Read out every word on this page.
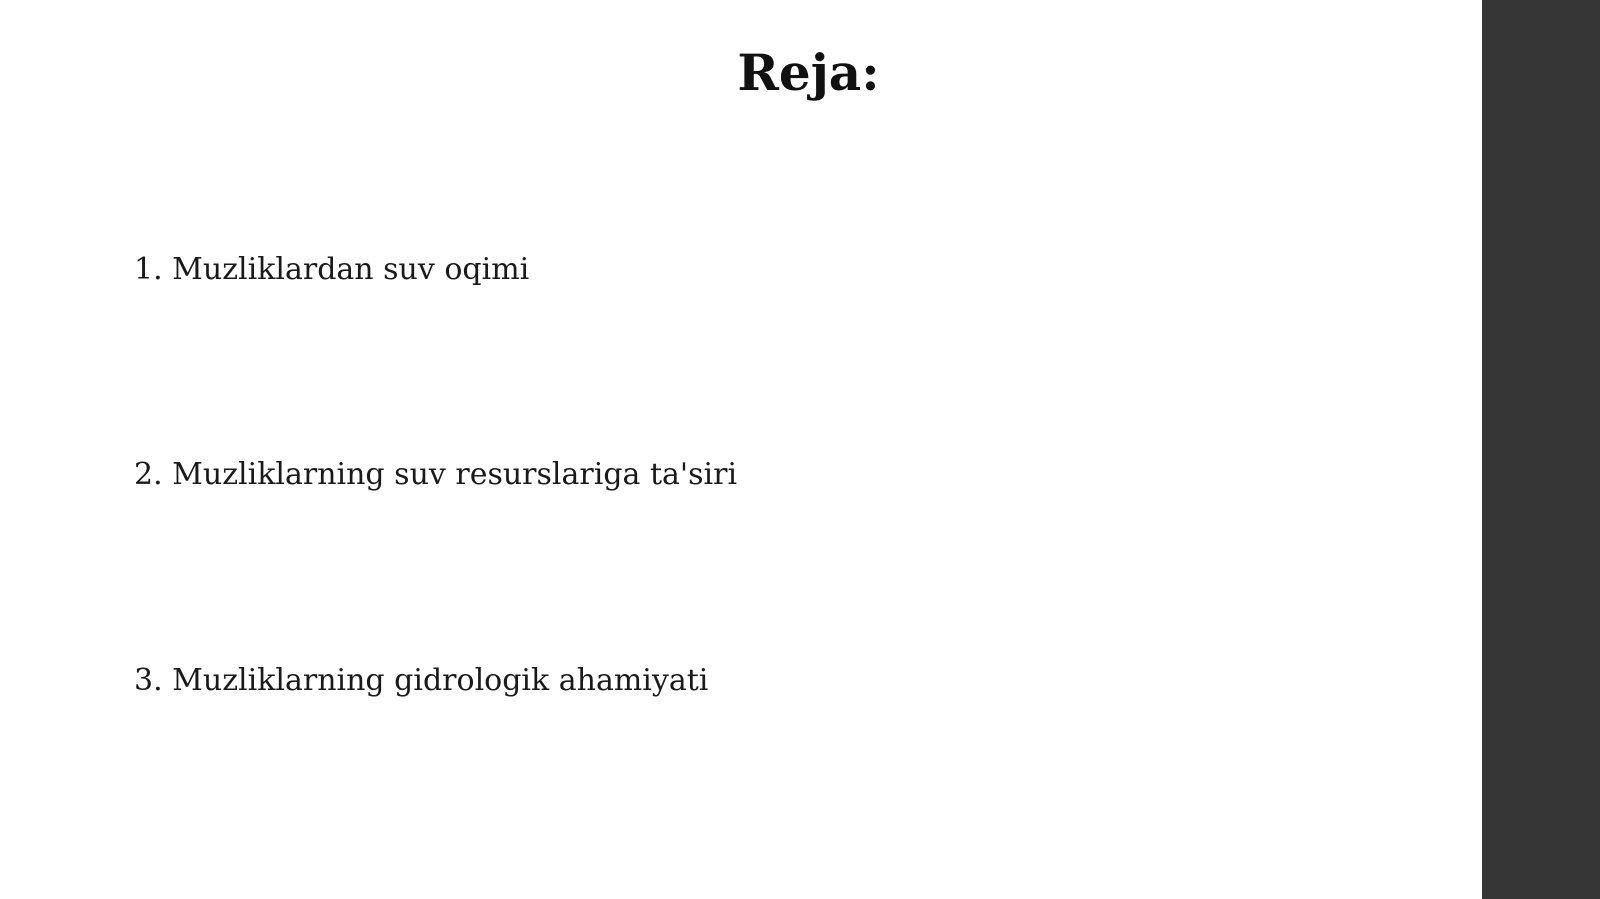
Reja:
1. Muzliklardan suv oqimi
2. Muzliklarning suv resurslariga ta'siri
3. Muzliklarning gidrologik ahamiyati
